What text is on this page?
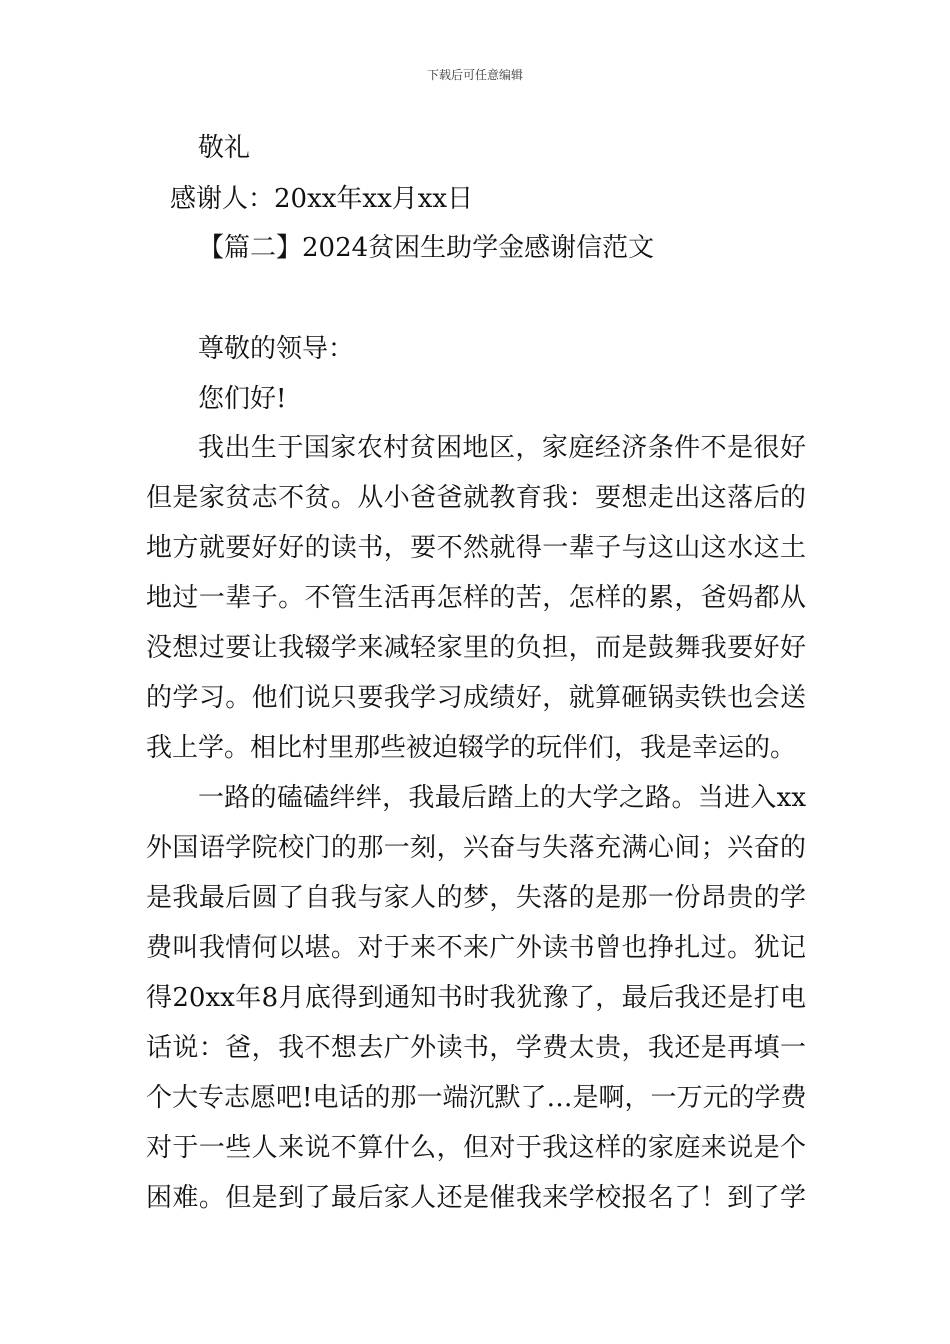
下载后可任意编辑
敬礼
感谢人：20xx年xx月xx日
【篇二】2024贫困生助学金感谢信范文
尊敬的领导：
您们好!
我出生于国家农村贫困地区，家庭经济条件不是很好
但是家贫志不贫。从小爸爸就教育我：要想走出这落后的
地方就要好好的读书，要不然就得一辈子与这山这水这土
地过一辈子。不管生活再怎样的苦，怎样的累，爸妈都从
没想过要让我辍学来减轻家里的负担，而是鼓舞我要好好
的学习。他们说只要我学习成绩好，就算砸锅卖铁也会送
我上学。相比村里那些被迫辍学的玩伴们，我是幸运的。
一路的磕磕绊绊，我最后踏上的大学之路。当进入xx
外国语学院校门的那一刻，兴奋与失落充满心间；兴奋的
是我最后圆了自我与家人的梦，失落的是那一份昂贵的学
费叫我情何以堪。对于来不来广外读书曾也挣扎过。犹记
得20xx年8月底得到通知书时我犹豫了，最后我还是打电
话说：爸，我不想去广外读书，学费太贵，我还是再填一
个大专志愿吧!电话的那一端沉默了…是啊，一万元的学费
对于一些人来说不算什么，但对于我这样的家庭来说是个
困难。但是到了最后家人还是催我来学校报名了！到了学
